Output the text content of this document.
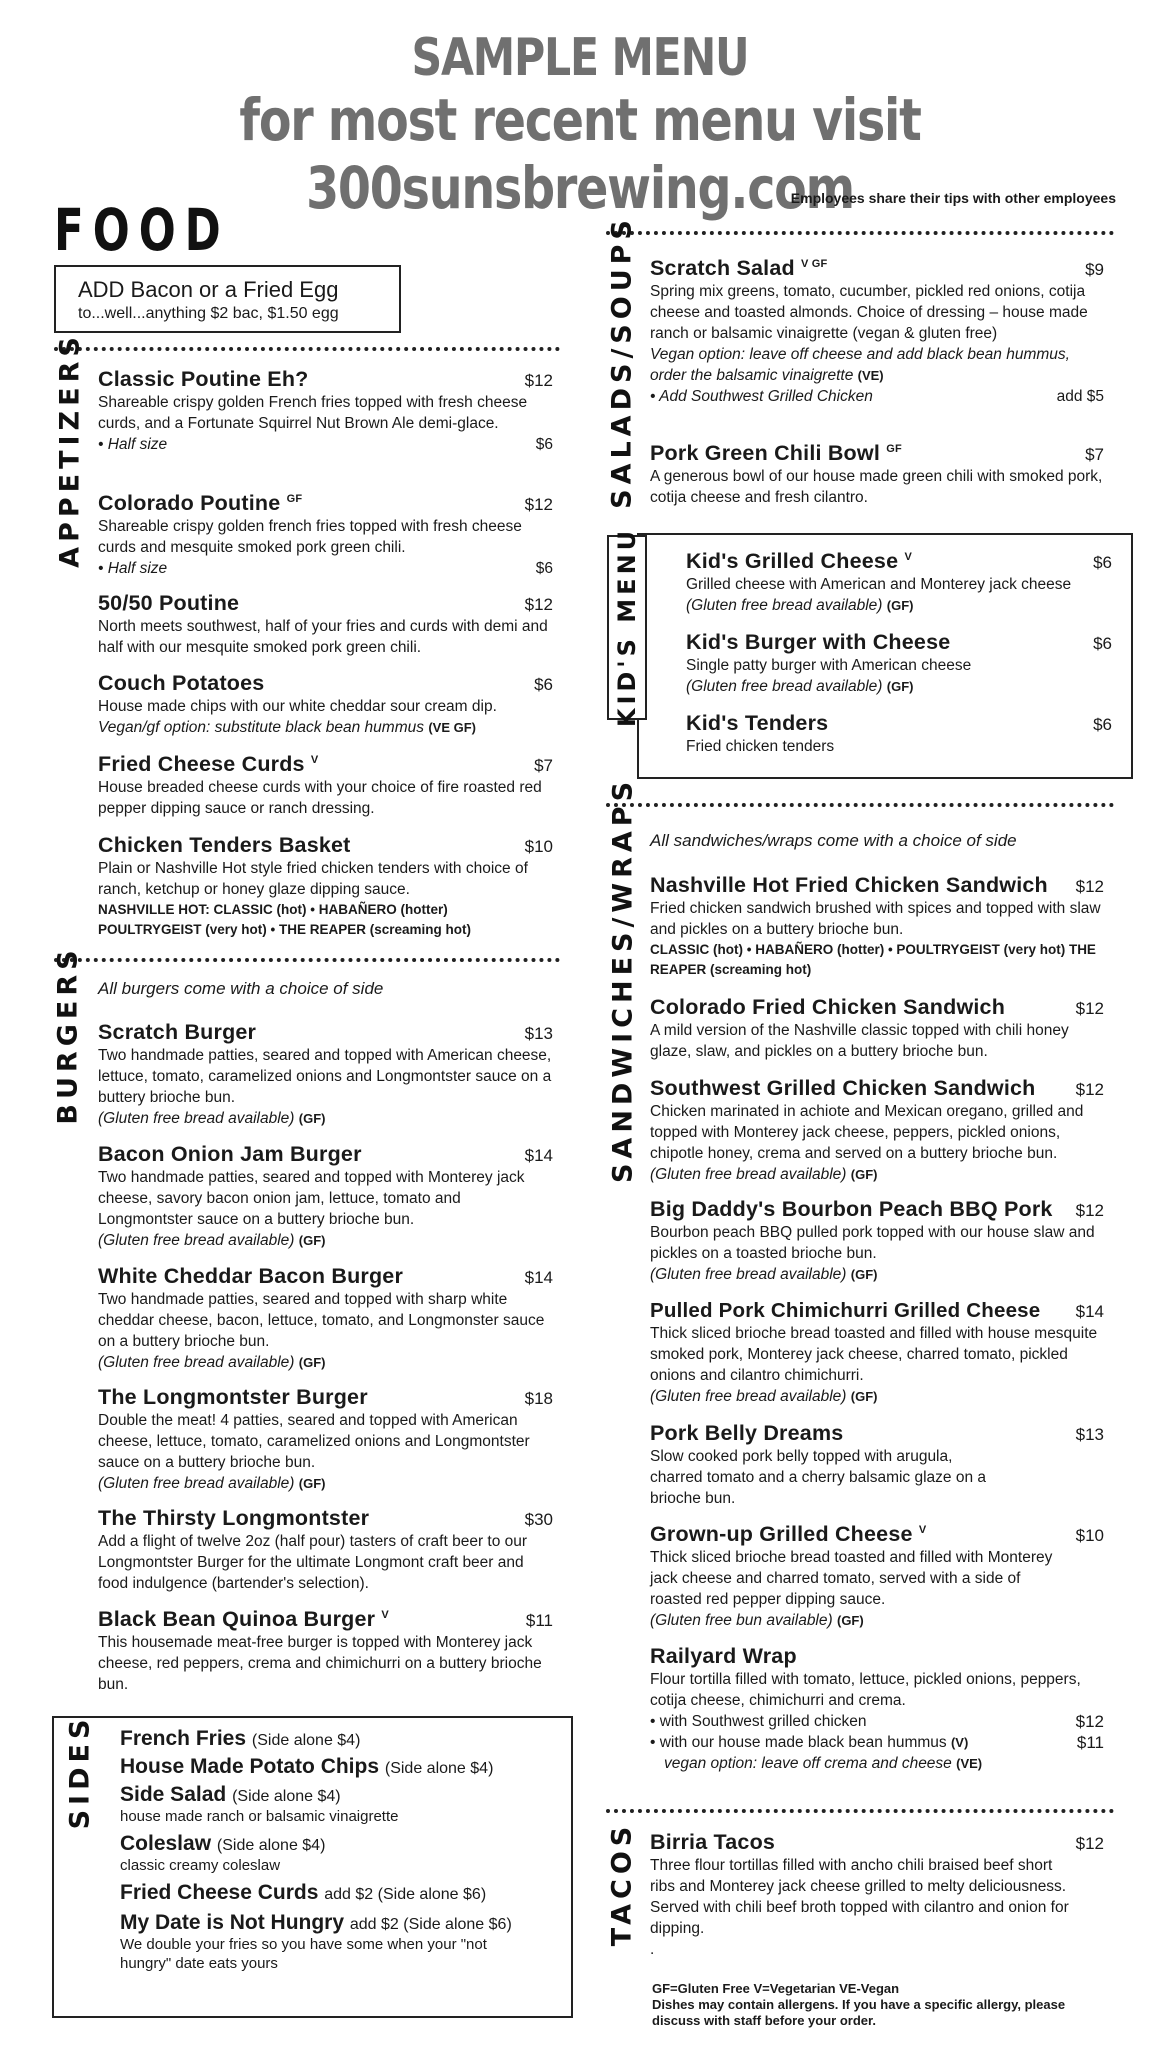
SAMPLE MENU
for most recent menu visit 300sunsbrewing.com
FOOD	Employees share their tips with other employees
ADD Bacon or a Fried Egg
to...well...anything $2 bac, $1.50 egg
APPETIZERS Classic Poutine Eh?	$12
Shareable crispy golden French fries topped with fresh cheese curds, and a Fortunate Squirrel Nut Brown Ale demi-glace.
• Half size	$6
Colorado Poutine $^{GF}$	$12
Shareable crispy golden french fries topped with fresh cheese curds and mesquite smoked pork green chili.
• Half size	$6
50/50 Poutine	$12
North meets southwest, half of your fries and curds with demi and half with our mesquite smoked pork green chili.
Couch Potatoes	$6
House made chips with our white cheddar sour cream dip.
Vegan/gf option: substitute black bean hummus (VE GF)
Fried Cheese Curds $^V$	$7
House breaded cheese curds with your choice of fire roasted red pepper dipping sauce or ranch dressing.
Chicken Tenders Basket	$10
Plain or Nashville Hot style fried chicken tenders with choice of ranch, ketchup or honey glaze dipping sauce.
NASHVILLE HOT: CLASSIC (hot) • HABAÑERO (hotter) POULTRYGEIST (very hot) • THE REAPER (screaming hot)
BURGERS All burgers come with a choice of side
Scratch Burger	$13
Two handmade patties, seared and topped with American cheese, lettuce, tomato, caramelized onions and Longmontster sauce on a buttery brioche bun.
(Gluten free bread available) (GF)
Bacon Onion Jam Burger	$14
Two handmade patties, seared and topped with Monterey jack cheese, savory bacon onion jam, lettuce, tomato and Longmontster sauce on a buttery brioche bun.
(Gluten free bread available) (GF)
White Cheddar Bacon Burger	$14
Two handmade patties, seared and topped with sharp white cheddar cheese, bacon, lettuce, tomato, and Longmonster sauce on a buttery brioche bun.
(Gluten free bread available) (GF)
The Longmontster Burger	$18
Double the meat! 4 patties, seared and topped with American cheese, lettuce, tomato, caramelized onions and Longmontster sauce on a buttery brioche bun.
(Gluten free bread available) (GF)
The Thirsty Longmontster	$30
Add a flight of twelve 2oz (half pour) tasters of craft beer to our Longmontster Burger for the ultimate Longmont craft beer and food indulgence (bartender's selection).
Black Bean Quinoa Burger $^V$	$11
This housemade meat-free burger is topped with Monterey jack cheese, red peppers, crema and chimichurri on a buttery brioche bun.
SIDES French Fries (Side alone $4)
House Made Potato Chips (Side alone $4)
Side Salad (Side alone $4)
house made ranch or balsamic vinaigrette
Coleslaw (Side alone $4)
classic creamy coleslaw
Fried Cheese Curds add $2 (Side alone $6)
My Date is Not Hungry add $2 (Side alone $6)
We double your fries so you have some when your "not hungry" date eats yours
SALADS/SOUPS Scratch Salad $^{V GF}$	$9
Spring mix greens, tomato, cucumber, pickled red onions, cotija cheese and toasted almonds. Choice of dressing – house made ranch or balsamic vinaigrette (vegan & gluten free)
Vegan option: leave off cheese and add black bean hummus, order the balsamic vinaigrette (VE)
• Add Southwest Grilled Chicken	add $5
Pork Green Chili Bowl $^{GF}$	$7
A generous bowl of our house made green chili with smoked pork, cotija cheese and fresh cilantro.
KID'S MENU Kid's Grilled Cheese $^V$	$6
Grilled cheese with American and Monterey jack cheese (Gluten free bread available) (GF)
Kid's Burger with Cheese	$6
Single patty burger with American cheese
(Gluten free bread available) (GF)
Kid's Tenders	$6
Fried chicken tenders
SANDWICHES/WRAPS All sandwiches/wraps come with a choice of side
Nashville Hot Fried Chicken Sandwich $12
Fried chicken sandwich brushed with spices and topped with slaw and pickles on a buttery brioche bun.
CLASSIC (hot) • HABAÑERO (hotter) • POULTRYGEIST (very hot) THE REAPER (screaming hot)
Colorado Fried Chicken Sandwich	$12
A mild version of the Nashville classic topped with chili honey glaze, slaw, and pickles on a buttery brioche bun.
Southwest Grilled Chicken Sandwich $12
Chicken marinated in achiote and Mexican oregano, grilled and topped with Monterey jack cheese, peppers, pickled onions, chipotle honey, crema and served on a buttery brioche bun. (Gluten free bread available) (GF)
Big Daddy's Bourbon Peach BBQ Pork $12
Bourbon peach BBQ pulled pork topped with our house slaw and pickles on a toasted brioche bun.
(Gluten free bread available) (GF)
Pulled Pork Chimichurri Grilled Cheese $14
Thick sliced brioche bread toasted and filled with house mesquite smoked pork, Monterey jack cheese, charred tomato, pickled onions and cilantro chimichurri.
(Gluten free bread available) (GF)
Pork Belly Dreams	$13
Slow cooked pork belly topped with arugula, charred tomato and a cherry balsamic glaze on a brioche bun.
Grown-up Grilled Cheese $^V$	$10
Thick sliced brioche bread toasted and filled with Monterey jack cheese and charred tomato, served with a side of roasted red pepper dipping sauce.
(Gluten free bun available) (GF)
Railyard Wrap
Flour tortilla filled with tomato, lettuce, pickled onions, peppers, cotija cheese, chimichurri and crema.
• with Southwest grilled chicken	$12
• with our house made black bean hummus (V)	$11
vegan option: leave off crema and cheese (VE)
TACOS Birria Tacos	$12
Three flour tortillas filled with ancho chili braised beef short ribs and Monterey jack cheese grilled to melty deliciousness. Served with chili beef broth topped with cilantro and onion for dipping.
.
GF=Gluten Free V=Vegetarian VE-Vegan
Dishes may contain allergens. If you have a specific allergy, please discuss with staff before your order.
